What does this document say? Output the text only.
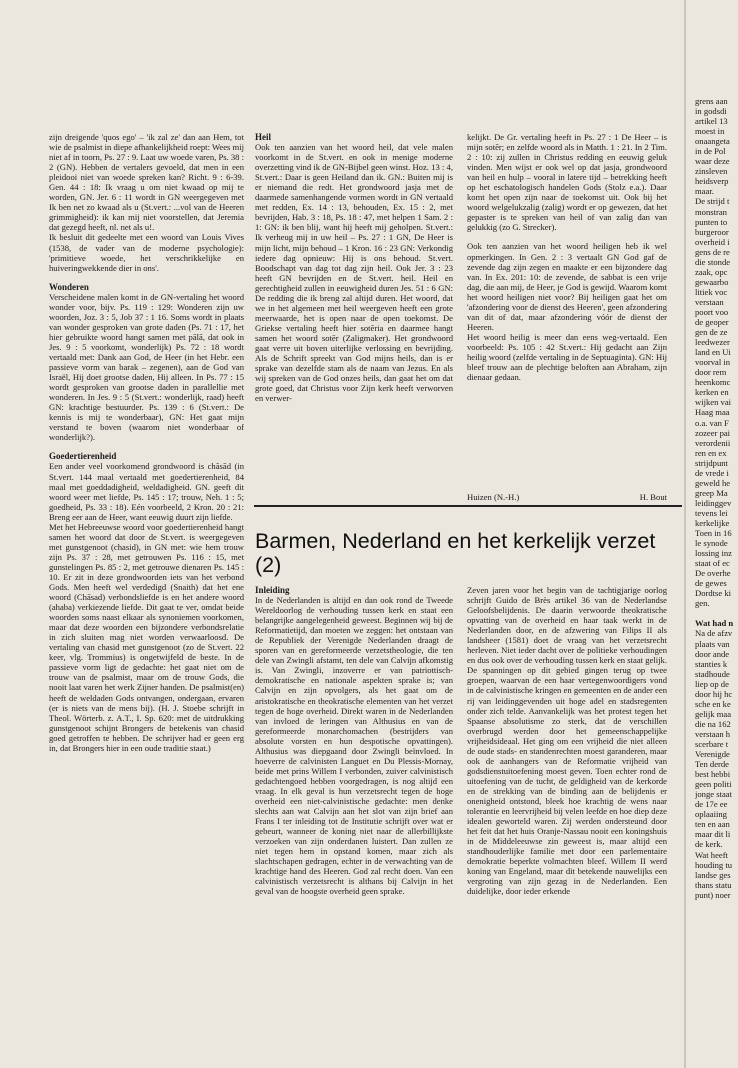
zijn dreigende 'quos ego' – 'ik zal ze' dan aan Hem, tot wie de psalmist in diepe afhankelijkheid roept: Wees mij niet af in toorn, Ps. 27 : 9. Laat uw woede varen, Ps. 38 : 2 (GN). Hebben de vertalers gevoeld, dat men in een pleidooi niet van woede spreken kan? Richt. 9 : 6-39. Gen. 44 : 18: Ik vraag u om niet kwaad op mij te worden, GN. Jer. 6 : 11 wordt in GN weergegeven met Ik ben net zo kwaad als u (St.vert.: ...vol van de Heeren grimmigheid): ik kan mij niet voorstellen, dat Jeremia dat gezegd heeft, nl. net als u!.

Ik besluit dit gedeelte met een woord van Louis Vives (1538, de vader van de moderne psychologie): 'primitieve woede, het verschrikkelijke en huiveringwekkende dier in ons'.

Wonderen

Verscheidene malen komt in de GN-vertaling het woord wonder voor, bijv. Ps. 119 : 129: Wonderen zijn uw woorden, Joz. 3 : 5, Job 37 : 1 16. Soms wordt in plaats van wonder gesproken van grote daden (Ps. 71 : 17, het hier gebruikte woord hangt samen met pālā, dat ook in Jes. 9 : 5 voorkomt, wonderlijk) Ps. 72 : 18 wordt vertaald met: Dank aan God, de Heer (in het Hebr. een passieve vorm van barak – zegenen), aan de God van Israël, Hij doet grootse daden, Hij alleen. In Ps. 77 : 15 wordt gesproken van grootse daden in parallellie met wonderen. In Jes. 9 : 5 (St.vert.: wonderlijk, raad) heeft GN: krachtige bestuurder. Ps. 139 : 6 (St.vert.: De kennis is mij te wonderbaar), GN: Het gaat mijn verstand te boven (waarom niet wonderbaar of wonderlijk?).

Goedertierenheid

Een ander veel voorkomend grondwoord is chāsād (in St.vert. 144 maal vertaald met goedertierenheid, 84 maal met goeddadigheid, weldadigheid. GN. geeft dit woord weer met liefde, Ps. 145 : 17; trouw, Neh. 1 : 5; goedheid, Ps. 33 : 18). Eén voorbeeld, 2 Kron. 20 : 21: Breng eer aan de Heer, want eeuwig duurt zijn liefde.

Met het Hebreeuwse woord voor goedertierenheid hangt samen het woord dat door de St.vert. is weergegeven met gunstgenoot (chasid), in GN met: wie hem trouw zijn Ps. 37 : 28, met getrouwen Ps. 116 : 15, met gunstelingen Ps. 85 : 2, met getrouwe dienaren Ps. 145 : 10. Er zit in deze grondwoorden iets van het verbond Gods. Men heeft wel verdedigd (Snaith) dat het ene woord (Chāsad) verbondsliefde is en het andere woord (ahaba) verkiezende liefde. Dit gaat te ver, omdat beide woorden soms naast elkaar als synoniemen voorkomen, maar dat deze woorden een bijzondere verbondsrelatie in zich sluiten mag niet worden verwaarloosd. De vertaling van chasid met gunstgenoot (zo de St.vert. 22 keer, vlg. Trommius) is ongetwijfeld de beste. In de passieve vorm ligt de gedachte: het gaat niet om de trouw van de psalmist, maar om de trouw Gods, die nooit laat varen het werk Zijner handen. De psalmist(en) heeft de weldaden Gods ontvangen, ondergaan, ervaren (er is niets van de mens bij). (H. J. Stoebe schrijft in Theol. Wörterb. z. A.T., I. Sp. 620: met de uitdrukking gunstgenoot schijnt Brongers de betekenis van chasid goed getroffen te hebben. De schrijver had er geen erg in, dat Brongers hier in een oude traditie staat.)

Heil

Ook ten aanzien van het woord heil, dat vele malen voorkomt in de St.vert. en ook in menige moderne overzetting vind ik de GN-Bijbel geen winst. Hoz. 13 : 4, St.vert.: Daar is geen Heiland dan ik. GN.: Buiten mij is er niemand die redt. Het grondwoord jasja met de daarmede samenhangende vormen wordt in GN vertaald met redden, Ex. 14 : 13, behouden, Ex. 15 : 2, met bevrijden, Hab. 3 : 18, Ps. 18 : 47, met helpen 1 Sam. 2 : 1: GN: ik ben blij, want hij heeft mij geholpen. St.vert.: Ik verheug mij in uw heil – Ps. 27 : 1 GN, De Heer is mijn licht, mijn behoud – 1 Kron. 16 : 23 GN: Verkondig iedere dag opnieuw: Hij is ons behoud. St.vert. Boodschapt van dag tot dag zijn heil. Ook Jer. 3 : 23 heeft GN bevrijden en de St.vert. heil. Heil en gerechtigheid zullen in eeuwigheid duren Jes. 51 : 6 GN: De redding die ik breng zal altijd duren. Het woord, dat we in het algemeen met heil weergeven heeft een grote meerwaarde, het is open naar de open toekomst. De Griekse vertaling heeft hier sotēria en daarmee hangt samen het woord sotēr (Zaligmaker). Het grondwoord gaat verre uit boven uiterlijke verlossing en bevrijding. Als de Schrift spreekt van God mijns heils, dan is er sprake van dezelfde stam als de naam van Jezus. En als wij spreken van de God onzes heils, dan gaat het om dat grote goed, dat Christus voor Zijn kerk heeft verworven en verwer-

kelijkt. De Gr. vertaling heeft in Ps. 27 : 1 De Heer – is mijn sotēr; en zelfde woord als in Matth. 1 : 21. In 2 Tim. 2 : 10: zij zullen in Christus redding en eeuwig geluk vinden. Men wijst er ook wel op dat jasja, grondwoord van heil en hulp – vooral in latere tijd – betrekking heeft op het eschatologisch handelen Gods (Stolz e.a.). Daar komt het open zijn naar de toekomst uit. Ook bij het woord welgelukzalig (zalig) wordt er op gewezen, dat het gepaster is te spreken van heil of van zalig dan van gelukkig (zo G. Strecker).

Ook ten aanzien van het woord heiligen heb ik wel opmerkingen. In Gen. 2 : 3 vertaalt GN God gaf de zevende dag zijn zegen en maakte er een bijzondere dag van. In Ex. 201: 10: de zevende, de sabbat is een vrije dag, die aan mij, de Heer, je God is gewijd. Waarom komt het woord heiligen niet voor? Bij heiligen gaat het om 'afzondering voor de dienst des Heeren', geen afzondering van dit of dat, maar afzondering vóór de dienst der Heeren.

Het woord heilig is meer dan eens weg-vertaald. Een voorbeeld: Ps. 105 : 42 St.vert.: Hij gedacht aan Zijn heilig woord (zelfde vertaling in de Septuaginta). GN: Hij bleef trouw aan de plechtige beloften aan Abraham, zijn dienaar gedaan.

Huizen (N.-H.)	H. Bout
Barmen, Nederland en het kerkelijk verzet (2)

Inleiding

In de Nederlanden is altijd en dan ook rond de Tweede Wereldoorlog de verhouding tussen kerk en staat een belangrijke aangelegenheid geweest. Beginnen wij bij de Reformatietijd, dan moeten we zeggen: het ontstaan van de Republiek der Verenigde Nederlanden draagt de sporen van en gereformeerde verzetstheologie, die ten dele van Zwingli afstamt, ten dele van Calvijn afkomstig is. Van Zwingli, inzoverre er van patriottisch-demokratische en nationale aspekten sprake is; van Calvijn en zijn opvolgers, als het gaat om de aristokratische en theokratische elementen van het verzet tegen de hoge overheid. Direkt waren in de Nederlanden van invloed de leringen van Althusius en van de gereformeerde monarchomachen (bestrijders van absolute vorsten en hun despotische opvattingen). Althusius was diepgaand door Zwingli beïnvloed. In hoeverre de calvinisten Languet en Du Plessis-Mornay, beide met prins Willem I verbonden, zuiver calvinistisch gedachtengoed hebben voorgedragen, is nog altijd een vraag. In elk geval is hun verzetsrecht tegen de hoge overheid een niet-calvinistische gedachte: men denke slechts aan wat Calvijn aan het slot van zijn brief aan Frans I ter inleiding tot de Institutie schrijft over wat er gebeurt, wanneer de koning niet naar de allerbillijkste verzoeken van zijn onderdanen luistert. Dan zullen ze niet tegen hem in opstand komen, maar zich als slachtschapen gedragen, echter in de verwachting van de krachtige hand des Heeren. God zal recht doen. Van een calvinistisch verzetsrecht is althans bij Calvijn in het geval van de hoogste overheid geen sprake.

Zeven jaren voor het begin van de tachtigjarige oorlog schrijft Guido de Brès artikel 36 van de Nederlandse Geloofsbelijdenis. De daarin verwoorde theokratische opvatting van de overheid en haar taak werkt in de Nederlanden door, en de afzwering van Filips II als landsheer (1581) doet de vraag van het verzetsrecht herleven. Niet ieder dacht over de politieke verhoudingen en dus ook over de verhouding tussen kerk en staat gelijk. De spanningen op dit gebied gingen terug op twee groepen, waarvan de een haar vertegenwoordigers vond in de calvinistische kringen en gemeenten en de ander een rij van leidinggevenden uit hoge adel en stadsregenten onder zich telde. Aanvankelijk was het protest tegen het Spaanse absolutisme zo sterk, dat de verschillen overbrugd werden door het gemeenschappelijke vrijheidsideaal. Het ging om een vrijheid die niet alleen de oude stads- en standenrechten moest garanderen, maar ook de aanhangers van de Reformatie vrijheid van godsdienstuitoefening moest geven. Toen echter rond de uitoefening van de tucht, de geldigheid van de kerkorde en de strekking van de binding aan de belijdenis er onenigheid ontstond, bleek hoe krachtig de wens naar tolerantie en leervrijheid bij velen leefde en hoe diep deze idealen geworteld waren. Zij werden ondersteund door het feit dat het huis Oranje-Nassau nooit een koningshuis in de Middeleeuwse zin geweest is, maar altijd een standhouderlijke familie met door een parlementaire demokratie beperkte volmachten bleef. Willem II werd koning van Engeland, maar dit betekende nauwelijks een vergroting van zijn gezag in de Nederlanden. Een duidelijke, door ieder erkende

grens aan
in godsdi
artikel 13
moest in
onaangeta
in de Pol
waar deze
zinsleven
heidsverp
maar.
De strijd t
monstran
punten to
burgeroor
overheid i
gens de re
die stonde
zaak, opc
gewaarbo
litiek voc
verstaan
poort voo
de geoper
gen de ze
leedwezer
land en Ui
voorval in
door rem
heenkomc
kerken en
wijken vai
Haag maa
o.a. van F
zozeer pai
verordenii
ren en ex
strijdpunt
de vrede i
geweld he
greep Ma
leidinggev
tevens lei
kerkelijke
Toen in 16
le synode
lossing inz
staat of ec
De overhe
de gewes
Dordtse ki
gen.
Wat had n
Na de afzv
plaats van
door ande
stanties k
stadhoude
liep op de
door hij hc
sche en ke
gelijk maa
die na 162
verstaan h
scerbare t
Verenigde
Ten derde
best hebbi
geen politi
jonge staat
de 17e ee
oplaaiing
ten en aan
maar dit li
de kerk.
Wat heeft
houding tu
landse ges
thans statu
punt) noer
